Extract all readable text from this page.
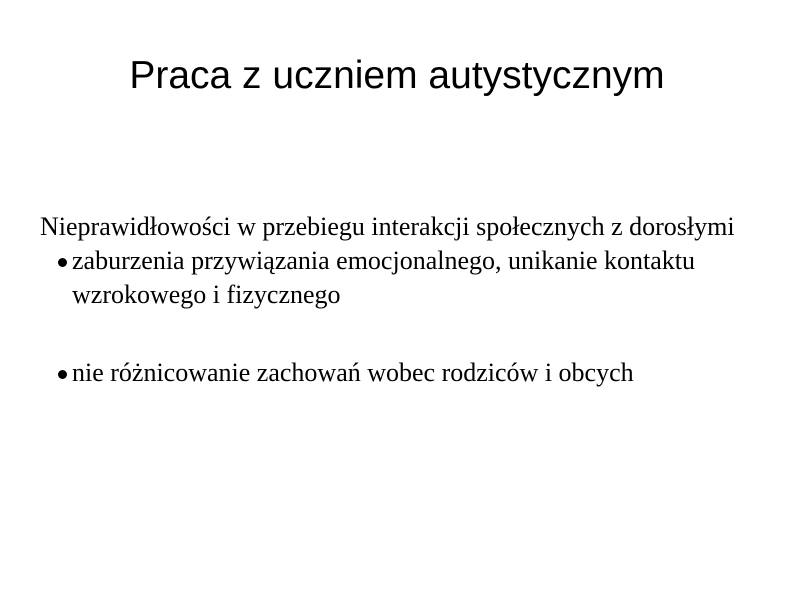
Praca z uczniem autystycznym

Nieprawidłowości w przebiegu interakcji społecznych z dorosłymi

zaburzenia przywiązania emocjonalnego, unikanie kontaktu wzrokowego i fizycznego
nie różnicowanie zachowań wobec rodziców i obcych
